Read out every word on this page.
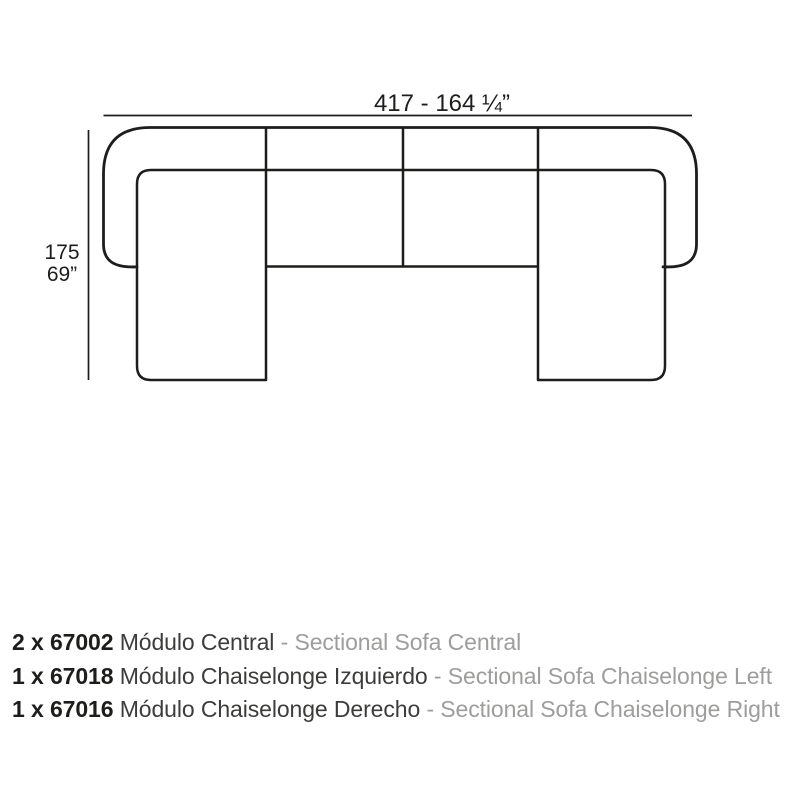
417 - 164 ¼”
175
69”
2 x 67002 Módulo Central - Sectional Sofa Central
1 x 67018 Módulo Chaiselonge Izquierdo - Sectional Sofa Chaiselonge Left
1 x 67016 Módulo Chaiselonge Derecho - Sectional Sofa Chaiselonge Right
